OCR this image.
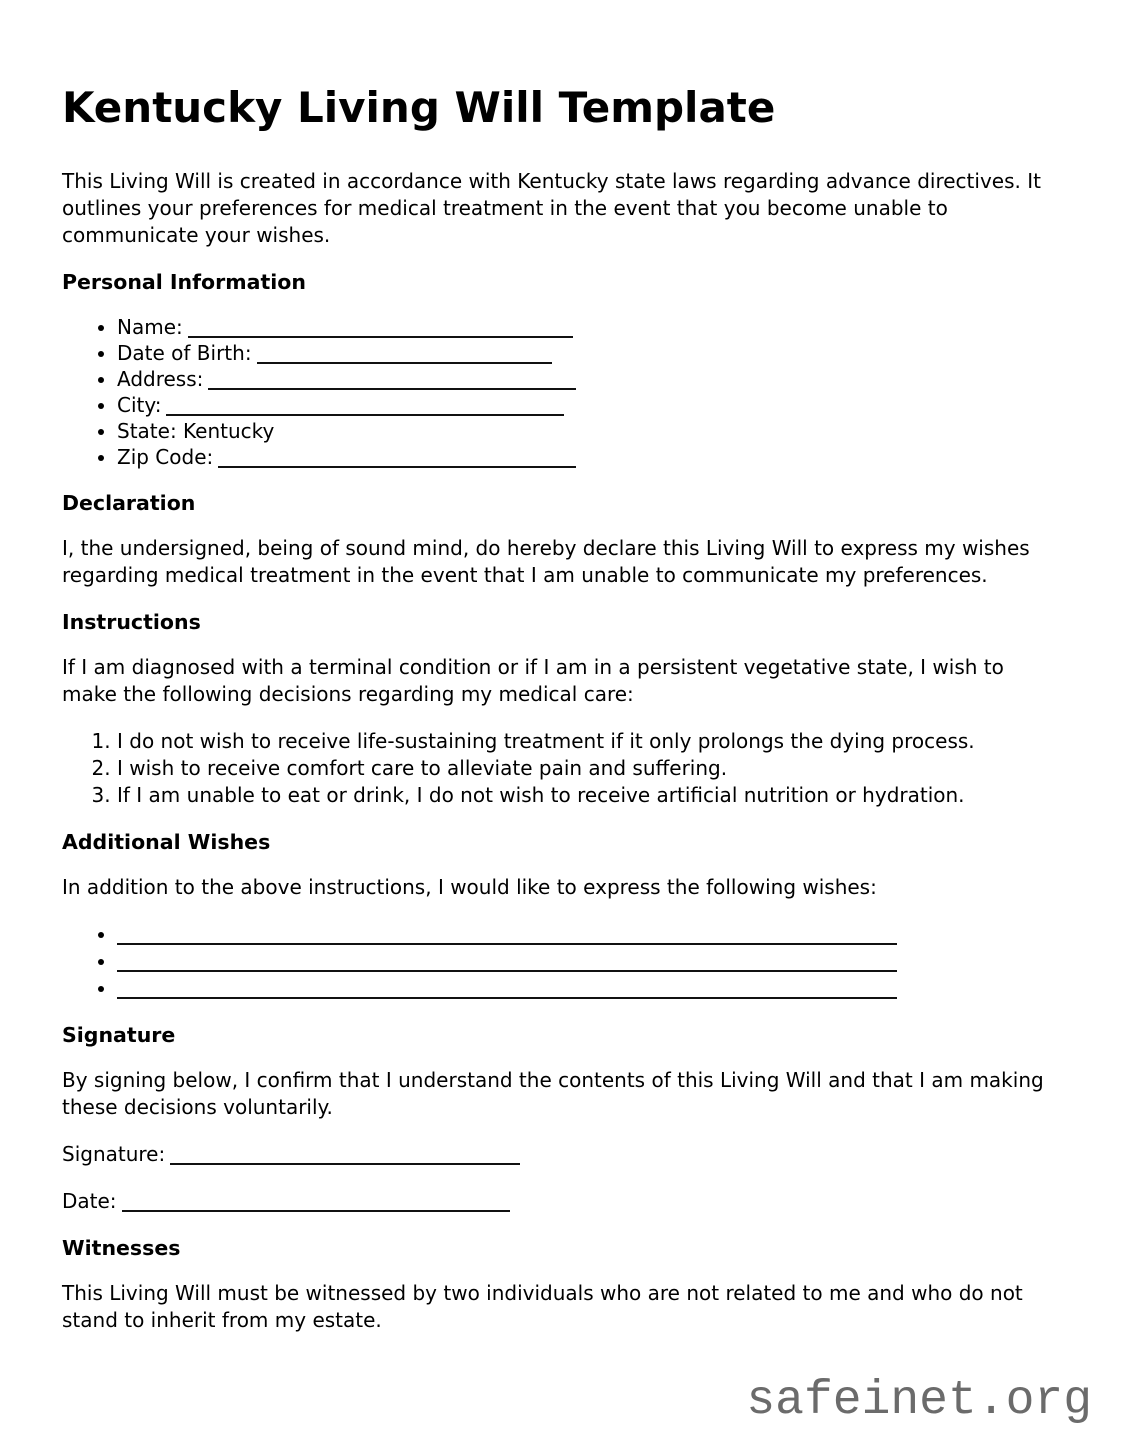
Kentucky Living Will Template

This Living Will is created in accordance with Kentucky state laws regarding advance directives. It outlines your preferences for medical treatment in the event that you become unable to communicate your wishes.

Personal Information
• Name:
• Date of Birth:
• Address:
• City:
• State: Kentucky
• Zip Code:
Declaration

I, the undersigned, being of sound mind, do hereby declare this Living Will to express my wishes regarding medical treatment in the event that I am unable to communicate my preferences.

Instructions

If I am diagnosed with a terminal condition or if I am in a persistent vegetative state, I wish to make the following decisions regarding my medical care:

1. I do not wish to receive life-sustaining treatment if it only prolongs the dying process.
2. I wish to receive comfort care to alleviate pain and suffering.
3. If I am unable to eat or drink, I do not wish to receive artificial nutrition or hydration.
Additional Wishes

In addition to the above instructions, I would like to express the following wishes:

•
•
•
Signature

By signing below, I confirm that I understand the contents of this Living Will and that I am making these decisions voluntarily.

Signature:

Date:

Witnesses

This Living Will must be witnessed by two individuals who are not related to me and who do not stand to inherit from my estate.

safeinet.org
